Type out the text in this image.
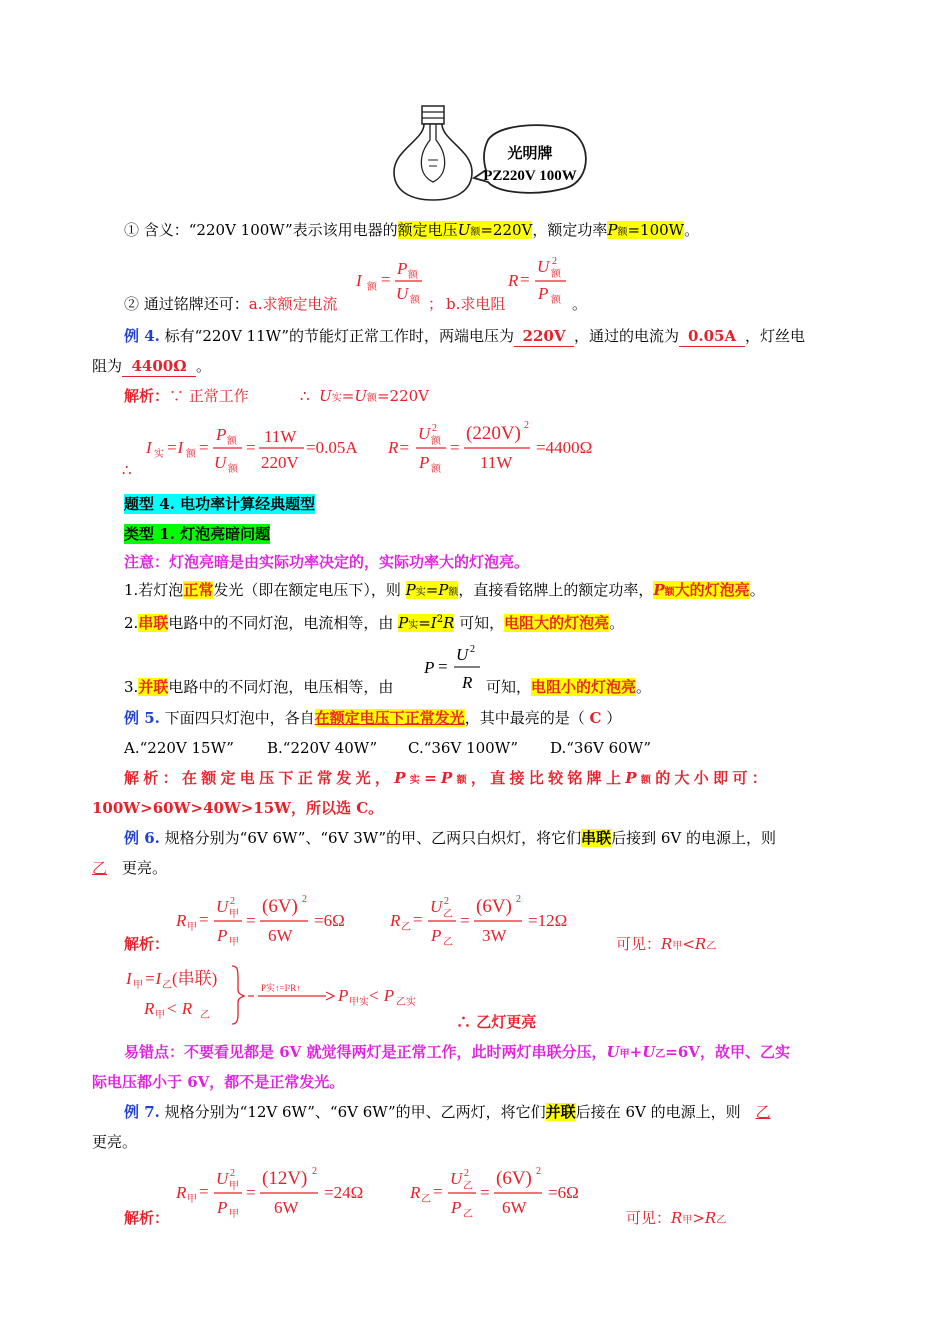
光明牌
PZ220V 100W
① 含义：“220V 100W”表示该用电器的额定电压U额=220V，额定功率P额=100W。
I 额 =
P 额
U 额
R =
U 2
额
P 额
② 通过铭牌还可：a.求额定电流	； b.求电阻	。
例 4. 标有“220V 11W”的节能灯正常工作时，两端电压为 220V ，通过的电流为 0.05A ，灯丝电
阻为 4400Ω 。
解析：∵ 正常工作	∴ U实=U额=220V
I 实 =I 额 =
P 额
U 额
=
11W
220V
=0.05A
∴
R=
U 2
额
P 额
=
(220V) 2
11W
=4400Ω
题型 4. 电功率计算经典题型
类型 1. 灯泡亮暗问题
注意：灯泡亮暗是由实际功率决定的，实际功率大的灯泡亮。
1.若灯泡正常发光（即在额定电压下），则 P实=P额，直接看铭牌上的额定功率，P额大的灯泡亮。
2.串联电路中的不同灯泡，电流相等，由 P实$=I^2R$ 可知，电阻大的灯泡亮。
P =
U 2
R
3.并联电路中的不同灯泡，电压相等，由	可知，电阻小的灯泡亮。
例 5. 下面四只灯泡中，各自在额定电压下正常发光，其中最亮的是（ C ）
A.“220V 15W” B.“220V 40W” C.“36V 100W” D.“36V 60W”
解析：在额定电压下正常发光，P实=P额，直接比较铭牌上P额的大小即可：
100W>60W>40W>15W，所以选 C。
例 6. 规格分别为“6V 6W”、“6V 3W”的甲、乙两只白炽灯，将它们串联后接到 6V 的电源上，则
乙 更亮。
R 甲 =
U 2
甲
P 甲
=
(6V) 2
6W
=6Ω	R 乙 =
U 2
乙
P 乙
=
(6V) 2
3W
=12Ω
解析：	可见：R甲<R乙
I 甲 =I 乙 (串联)
R 甲 < R 乙
P实↑=I²R↑ P 甲实 < P 乙实
∴ 乙灯更亮
易错点：不要看见都是 6V 就觉得两灯是正常工作，此时两灯串联分压，U甲+U乙=6V，故甲、乙实
际电压都小于 6V，都不是正常发光。
例 7. 规格分别为“12V 6W”、“6V 6W”的甲、乙两灯，将它们并联后接在 6V 的电源上，则 乙
更亮。
R 甲 =
U 2
甲
P 甲
=
(12V) 2
6W
=24Ω	R 乙 =
U 2
乙
P 乙
=
(6V) 2
6W
=6Ω
解析：	可见：R甲>R乙
